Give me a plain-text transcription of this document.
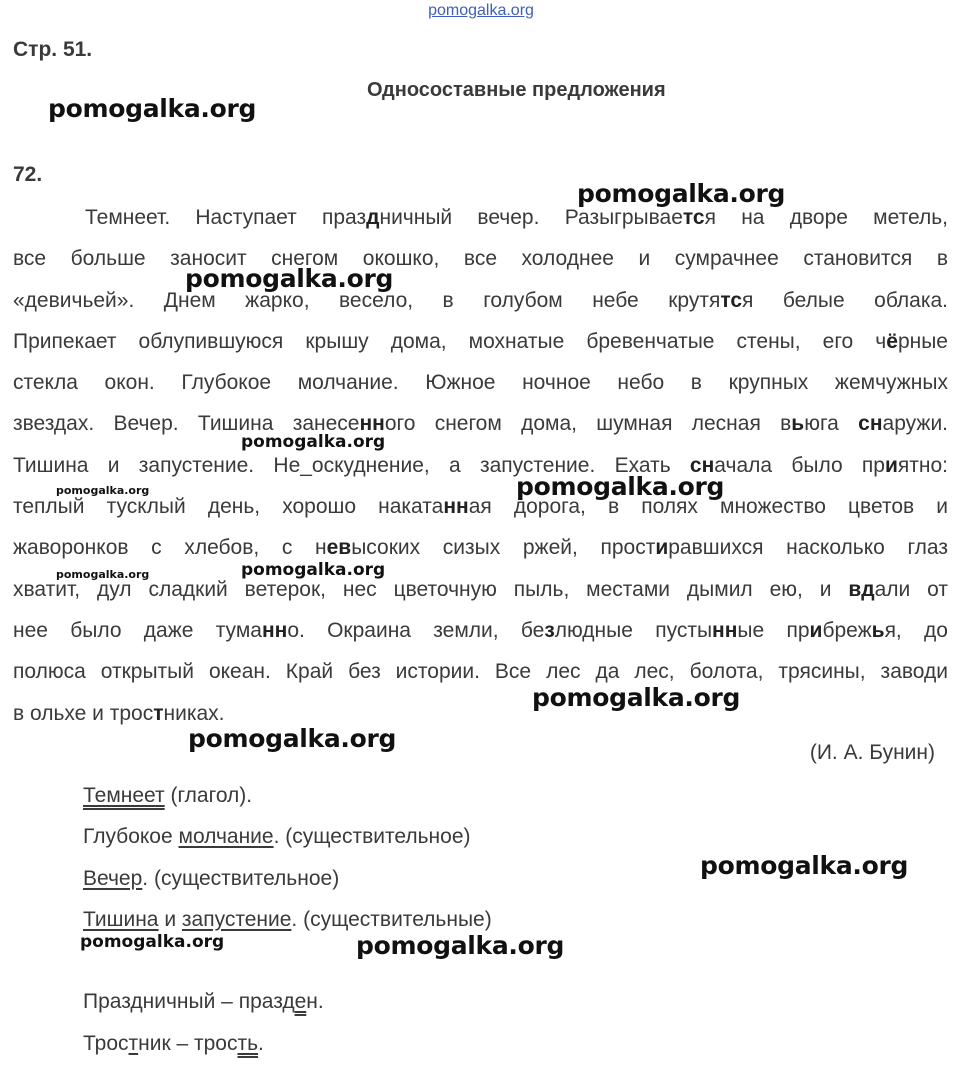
pomogalka.org
Стр. 51.
Односоставные предложения
72.
Темнеет. Наступает праздничный вечер. Разыгрывается на дворе метель,
все больше заносит снегом окошко, все холоднее и сумрачнее становится в
«девичьей». Днем жарко, весело, в голубом небе крутятся белые облака.
Припекает облупившуюся крышу дома, мохнатые бревенчатые стены, его чёрные
стекла окон. Глубокое молчание. Южное ночное небо в крупных жемчужных
звездах. Вечер. Тишина занесенного снегом дома, шумная лесная вьюга снаружи.
Тишина и запустение. Не_оскуднение, а запустение. Ехать сначала было приятно:
теплый тусклый день, хорошо накатанная дорога, в полях множество цветов и
жаворонков с хлебов, с невысоких сизых ржей, простиравшихся насколько глаз
хватит, дул сладкий ветерок, нес цветочную пыль, местами дымил ею, и вдали от
нее было даже туманно. Окраина земли, безлюдные пустынные прибрежья, до
полюса открытый океан. Край без истории. Все лес да лес, болота, трясины, заводи
в ольхе и тростниках.
(И. А. Бунин)
Темнеет (глагол).
Глубокое молчание. (существительное)
Вечер. (существительное)
Тишина и запустение. (существительные)
Праздничный – празден.
Тростник – трость.
pomogalka.org
pomogalka.org
pomogalka.org
pomogalka.org
pomogalka.org	pomogalka.org
pomogalka.org	pomogalka.org
pomogalka.org
pomogalka.org
pomogalka.org
pomogalka.org	pomogalka.org
